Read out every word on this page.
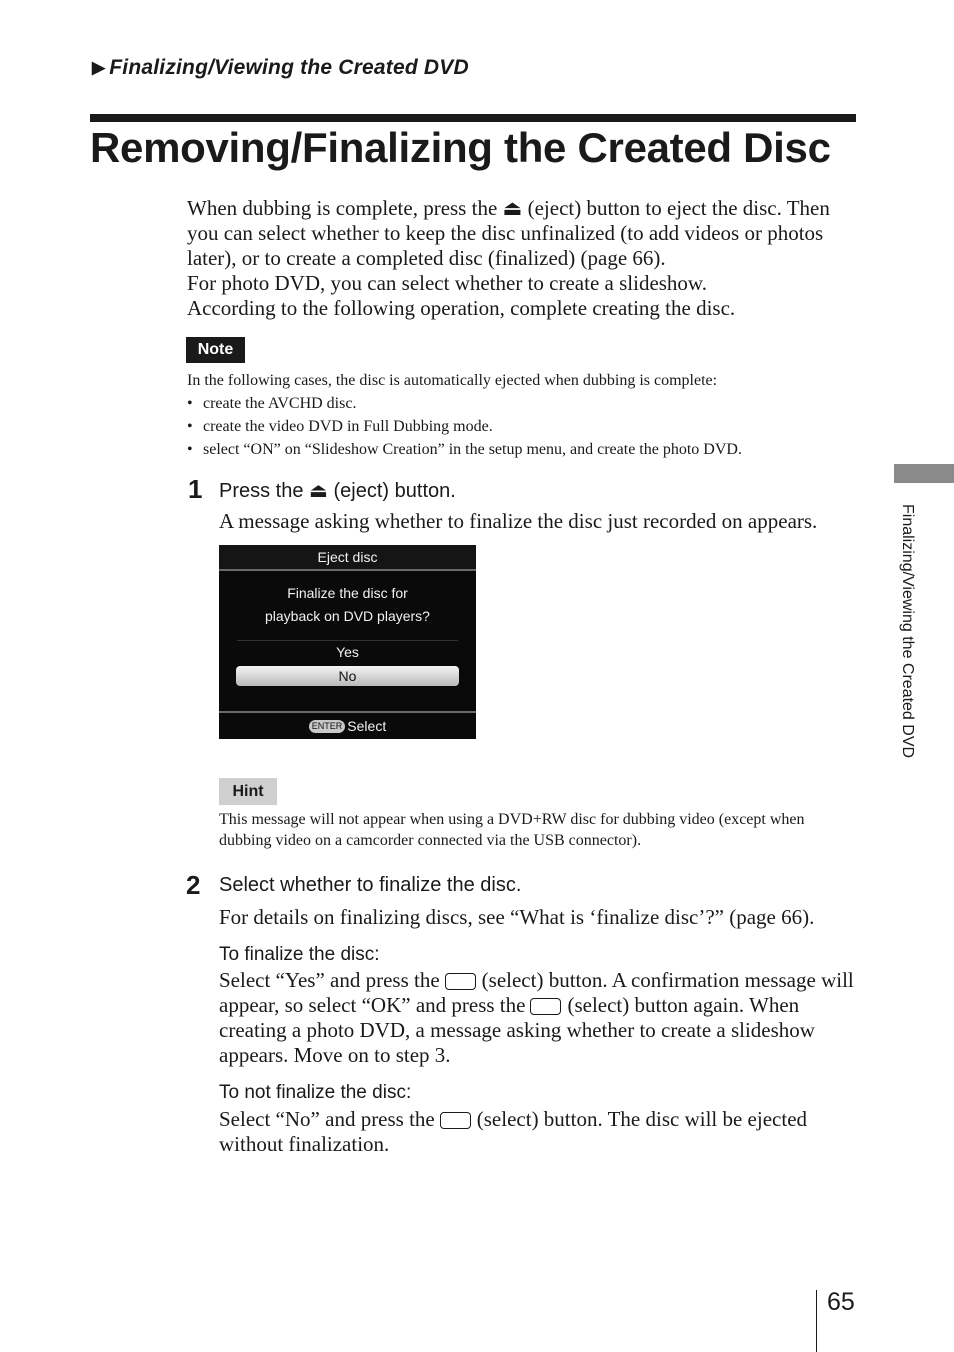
▶ Finalizing/Viewing the Created DVD
Removing/Finalizing the Created Disc

When dubbing is complete, press the ⏏ (eject) button to eject the disc. Then you can select whether to keep the disc unfinalized (to add videos or photos later), or to create a completed disc (finalized) (page 66).

For photo DVD, you can select whether to create a slideshow.

According to the following operation, complete creating the disc.

Note

In the following cases, the disc is automatically ejected when dubbing is complete:

• create the AVCHD disc.
• create the video DVD in Full Dubbing mode.
• select “ON” on “Slideshow Creation” in the setup menu, and create the photo DVD.
1 Press the ⏏ (eject) button.
A message asking whether to finalize the disc just recorded on appears.
Eject disc
Finalize the disc for
playback on DVD players?
Yes
No
ENTER Select
Hint
This message will not appear when using a DVD+RW disc for dubbing video (except when dubbing video on a camcorder connected via the USB connector).
2 Select whether to finalize the disc.
For details on finalizing discs, see “What is ‘finalize disc’?” (page 66).
To finalize the disc:
Select “Yes” and press the (select) button. A confirmation message will appear, so select “OK” and press the (select) button again. When creating a photo DVD, a message asking whether to create a slideshow appears. Move on to step 3.
To not finalize the disc:
Select “No” and press the (select) button. The disc will be ejected without finalization.
Finalizing/Viewing the Created DVD
65
